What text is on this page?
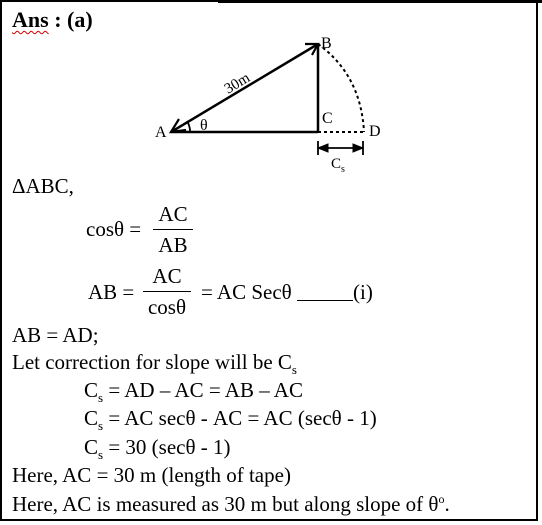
Ans : (a)
A
B
C
D
θ
30m
$C_s$
ΔABC,
cosθ =
AC
AB
AB =
AC
cosθ
= AC Secθ	(i)
AB = AD;
Let correction for slope will be $C_s$
$C_s$ = AD – AC = AB – AC
$C_s$ = AC secθ - AC = AC (secθ - 1)
$C_s = 30$ (secθ - 1)
Here, AC = 30 m (length of tape)
Here, AC is measured as 30 m but along slope of $\theta^o$.
